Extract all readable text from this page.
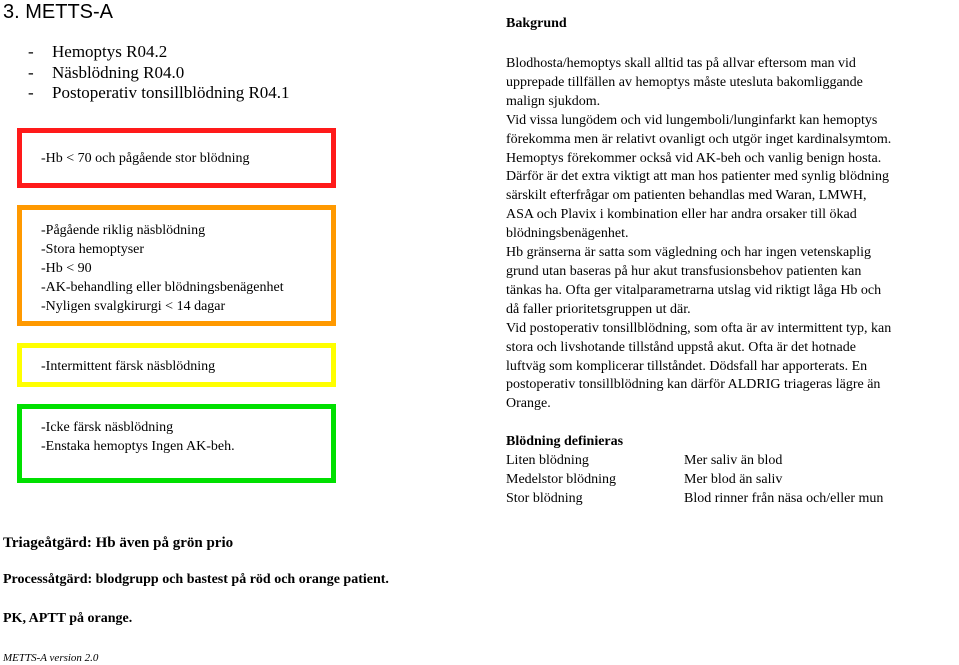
3. METTS-A
- Hemoptys R04.2
- Näsblödning R04.0
- Postoperativ tonsillblödning R04.1
-Hb < 70 och pågående stor blödning
-Pågående riklig näsblödning
-Stora hemoptyser
-Hb < 90
-AK-behandling eller blödningsbenägenhet
-Nyligen svalgkirurgi < 14 dagar
-Intermittent färsk näsblödning
-Icke färsk näsblödning
-Enstaka hemoptys Ingen AK-beh.
Bakgrund
Blodhosta/hemoptys skall alltid tas på allvar eftersom man vid
upprepade tillfällen av hemoptys måste utesluta bakomliggande
malign sjukdom.
Vid vissa lungödem och vid lungemboli/lunginfarkt kan hemoptys
förekomma men är relativt ovanligt och utgör inget kardinalsymtom.
Hemoptys förekommer också vid AK-beh och vanlig benign hosta.
Därför är det extra viktigt att man hos patienter med synlig blödning
särskilt efterfrågar om patienten behandlas med Waran, LMWH,
ASA och Plavix i kombination eller har andra orsaker till ökad
blödningsbenägenhet.
Hb gränserna är satta som vägledning och har ingen vetenskaplig
grund utan baseras på hur akut transfusionsbehov patienten kan
tänkas ha. Ofta ger vitalparametrarna utslag vid riktigt låga Hb och
då faller prioritetsgruppen ut där.
Vid postoperativ tonsillblödning, som ofta är av intermittent typ, kan
stora och livshotande tillstånd uppstå akut. Ofta är det hotnade
luftväg som komplicerar tillståndet. Dödsfall har apporterats. En
postoperativ tonsillblödning kan därför ALDRIG triageras lägre än
Orange.
Blödning definieras
Liten blödning	Mer saliv än blod
Medelstor blödning	Mer blod än saliv
Stor blödning	Blod rinner från näsa och/eller mun
Triageåtgärd: Hb även på grön prio
Processåtgärd: blodgrupp och bastest på röd och orange patient.
PK, APTT på orange.
METTS-A version 2.0
